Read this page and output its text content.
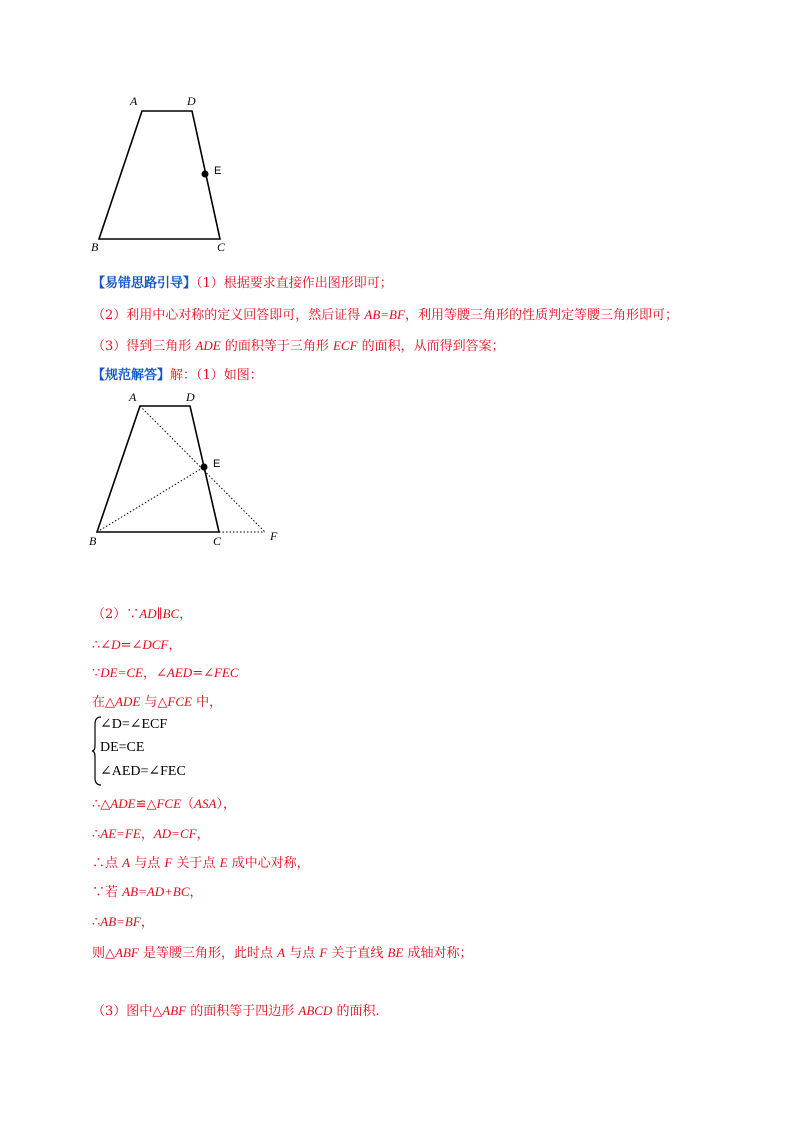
A	D
E
B	C
【易错思路引导】（1）根据要求直接作出图形即可；
（2）利用中心对称的定义回答即可，然后证得 AB=BF，利用等腰三角形的性质判定等腰三角形即可；
（3）得到三角形 ADE 的面积等于三角形 ECF 的面积，从而得到答案；
【规范解答】解：（1）如图：
A	D
E
B	C	F
（2）∵AD∥BC，
∴∠D=∠DCF，
∵DE=CE，∠AED=∠FEC
在△ADE 与△FCE 中，
∠D=∠ECF
DE=CE
∠AED=∠FEC
∴△ADE≌△FCE（ASA），
∴AE=FE，AD=CF，
∴点 A 与点 F 关于点 E 成中心对称，
∵若 AB=AD+BC，
∴AB=BF，
则△ABF 是等腰三角形，此时点 A 与点 F 关于直线 BE 成轴对称；
（3）图中△ABF 的面积等于四边形 ABCD 的面积.
